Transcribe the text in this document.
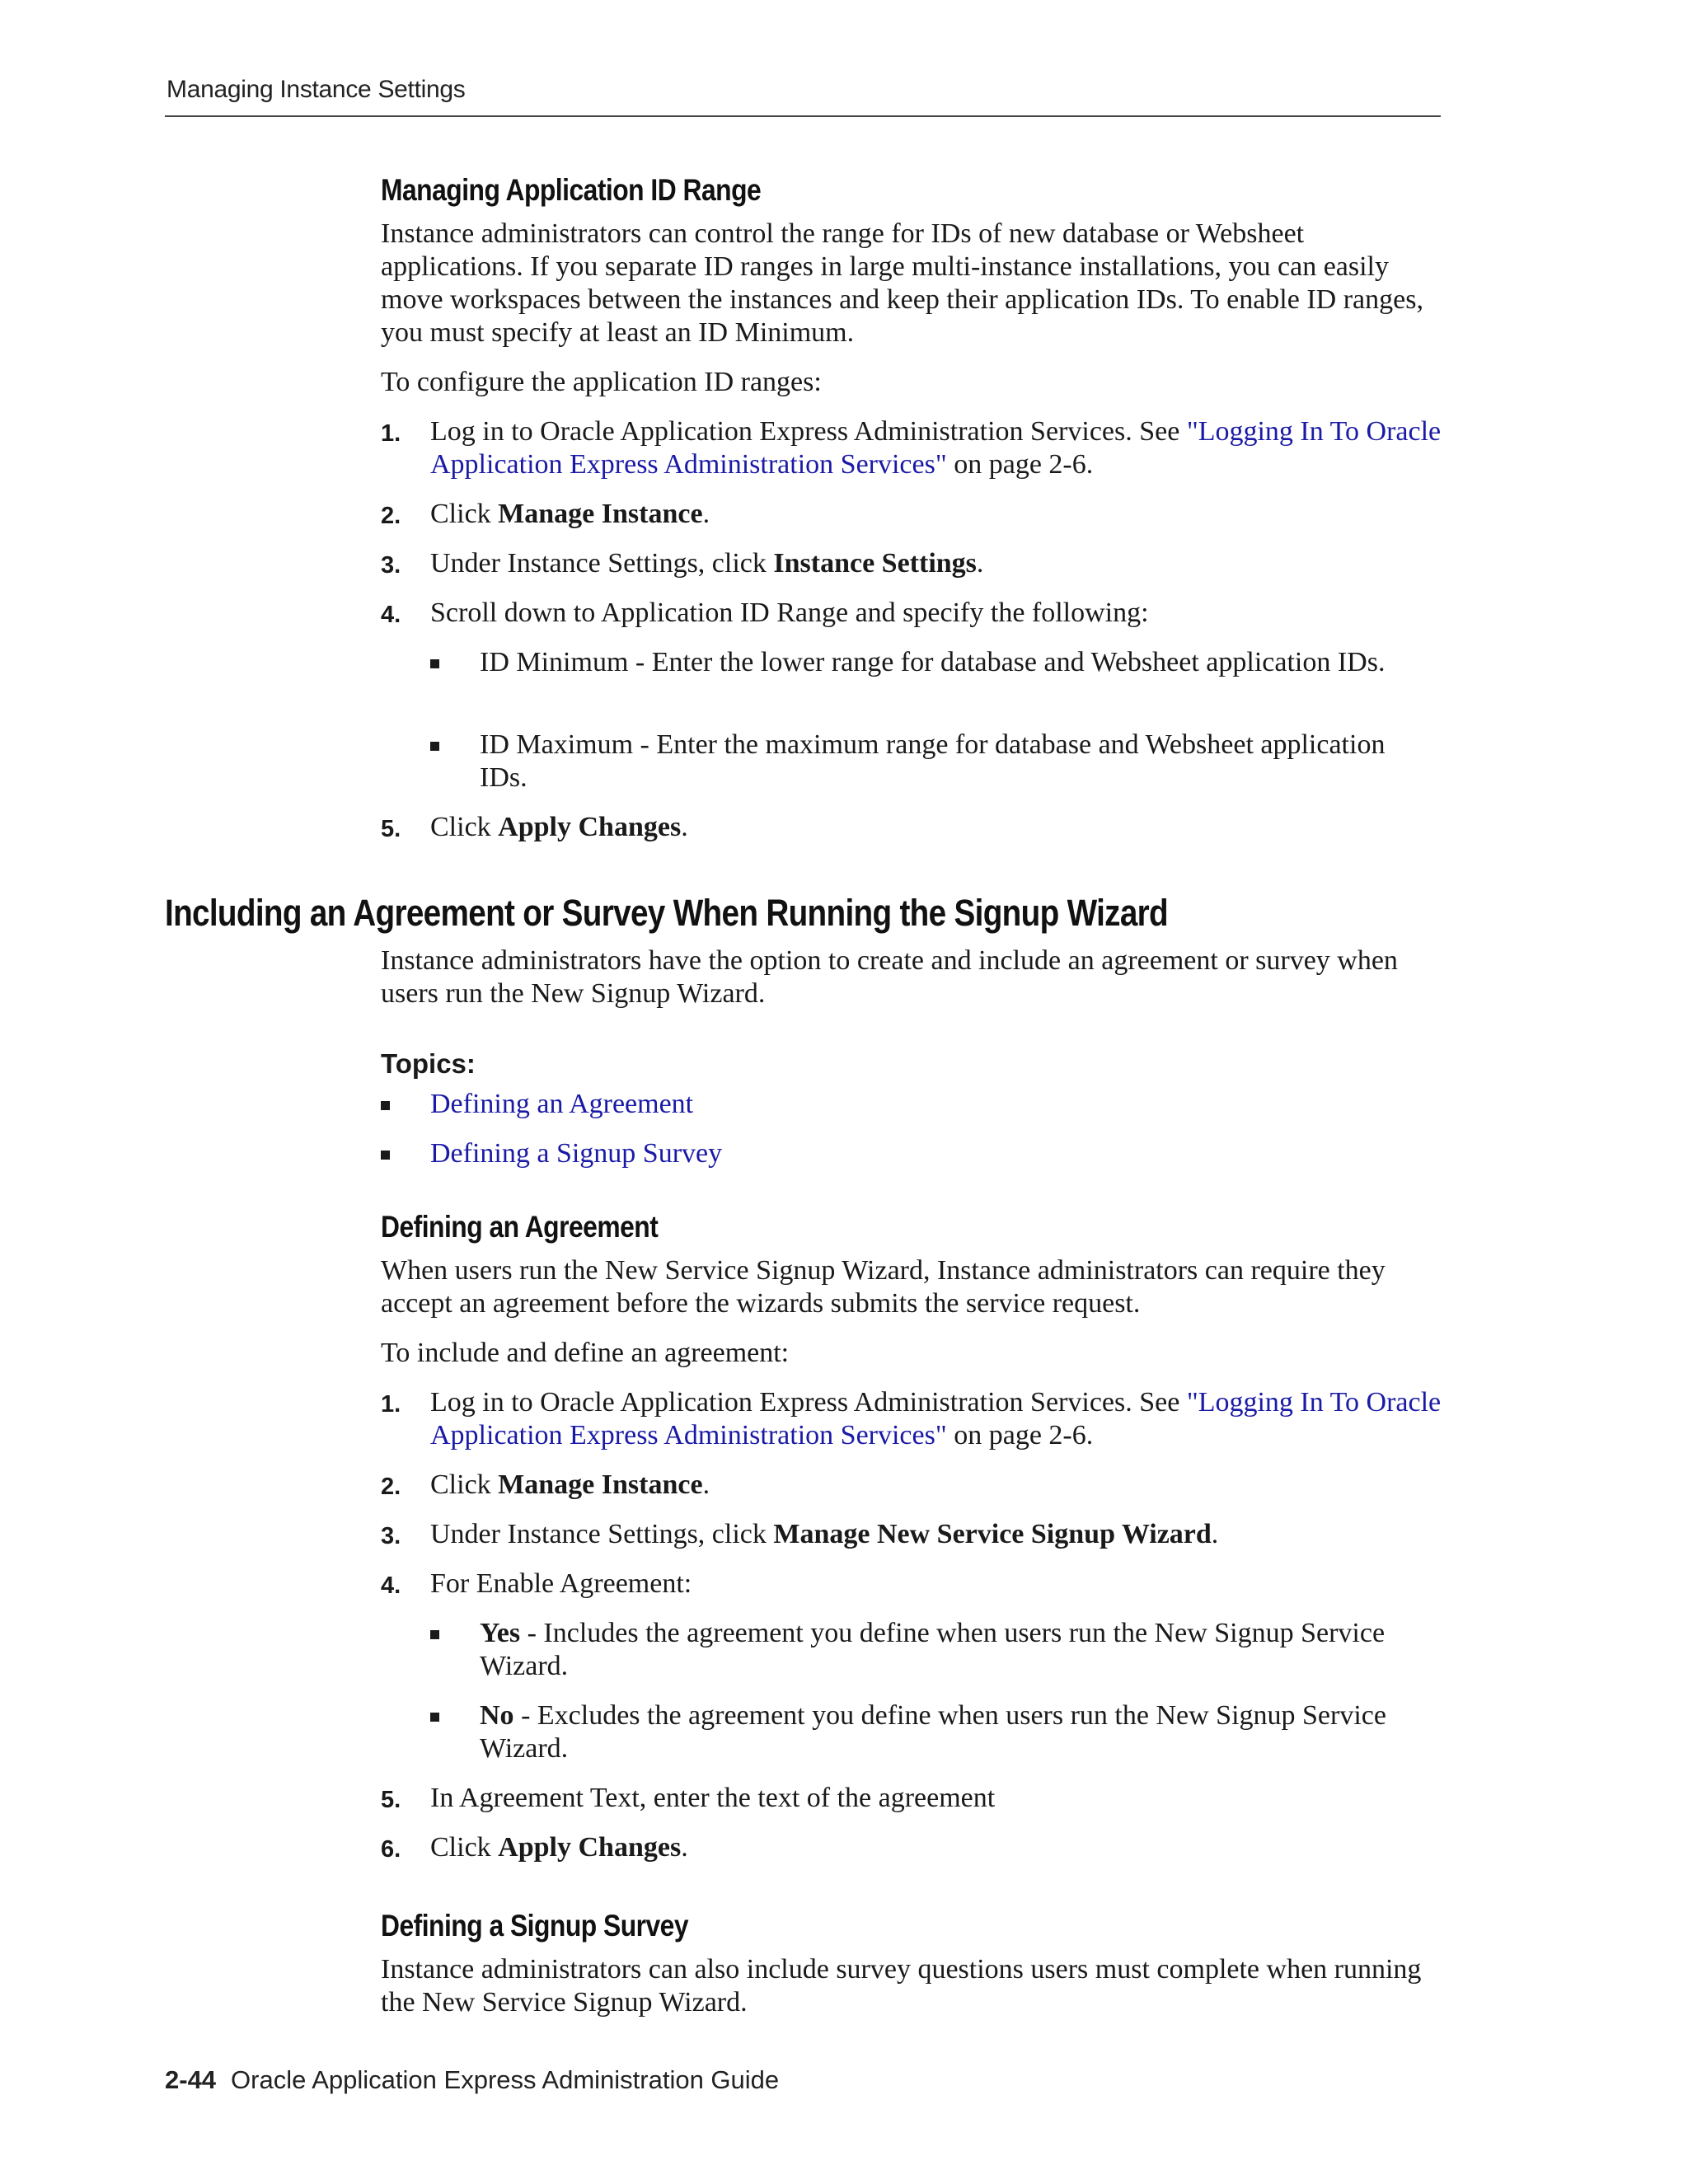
Managing Instance Settings
Managing Application ID Range
Instance administrators can control the range for IDs of new database or Websheet applications. If you separate ID ranges in large multi-instance installations, you can easily move workspaces between the instances and keep their application IDs. To enable ID ranges, you must specify at least an ID Minimum.
To configure the application ID ranges:
1. Log in to Oracle Application Express Administration Services. See "Logging In To Oracle Application Express Administration Services" on page 2-6.
2. Click Manage Instance.
3. Under Instance Settings, click Instance Settings.
4. Scroll down to Application ID Range and specify the following:
ID Minimum - Enter the lower range for database and Websheet application IDs.
ID Maximum - Enter the maximum range for database and Websheet application IDs.
5. Click Apply Changes.
Including an Agreement or Survey When Running the Signup Wizard
Instance administrators have the option to create and include an agreement or survey when users run the New Signup Wizard.
Topics:
Defining an Agreement
Defining a Signup Survey
Defining an Agreement
When users run the New Service Signup Wizard, Instance administrators can require they accept an agreement before the wizards submits the service request.
To include and define an agreement:
1. Log in to Oracle Application Express Administration Services. See "Logging In To Oracle Application Express Administration Services" on page 2-6.
2. Click Manage Instance.
3. Under Instance Settings, click Manage New Service Signup Wizard.
4. For Enable Agreement:
Yes - Includes the agreement you define when users run the New Signup Service Wizard.
No - Excludes the agreement you define when users run the New Signup Service Wizard.
5. In Agreement Text, enter the text of the agreement
6. Click Apply Changes.
Defining a Signup Survey
Instance administrators can also include survey questions users must complete when running the New Service Signup Wizard.
2-44 Oracle Application Express Administration Guide
